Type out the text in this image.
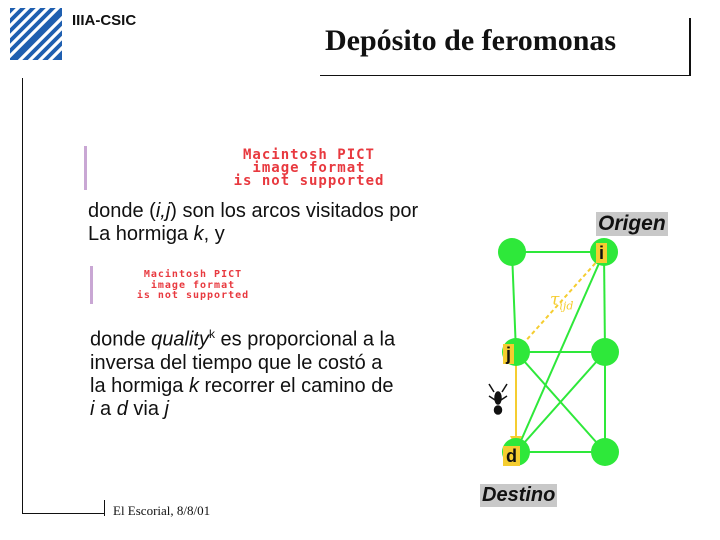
IIIA-CSIC
Depósito de feromonas
Macintosh PICT
image format
is not supported
donde (i,j) son los arcos visitados por
La hormiga k, y
Macintosh PICT
image format
is not supported
donde quality$^k$ es proporcional a la
inversa del tiempo que le costó a
la hormiga k recorrer el camino de
i a d via j
Origen
i
$\tau_{ijd}$
j
d
Destino
El Escorial, 8/8/01
